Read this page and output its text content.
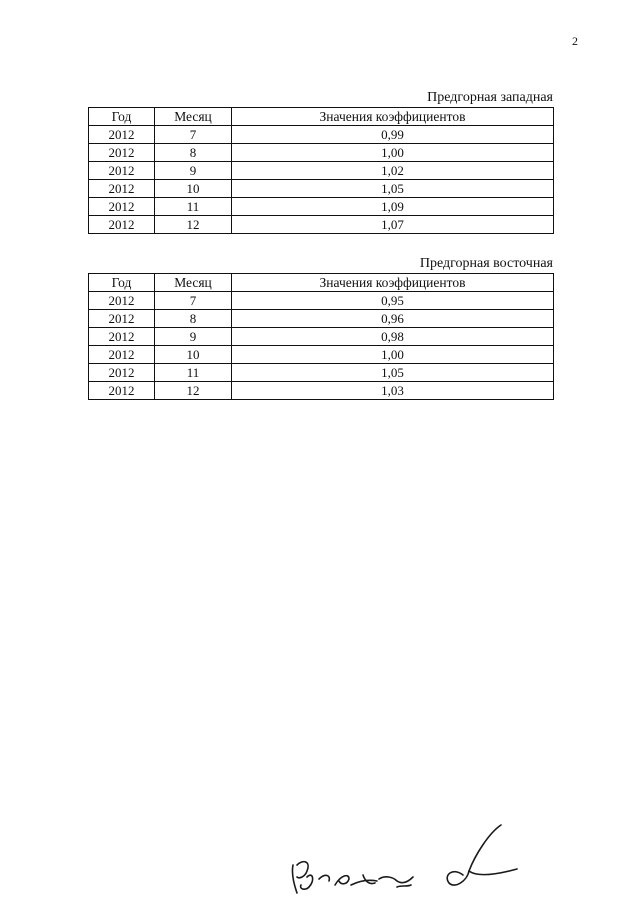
2
Предгорная западная
Год	Месяц	Значения коэффициентов
2012	7	0,99
2012	8	1,00
2012	9	1,02
2012	10	1,05
2012	11	1,09
2012	12	1,07
Предгорная восточная
Год	Месяц	Значения коэффициентов
2012	7	0,95
2012	8	0,96
2012	9	0,98
2012	10	1,00
2012	11	1,05
2012	12	1,03
